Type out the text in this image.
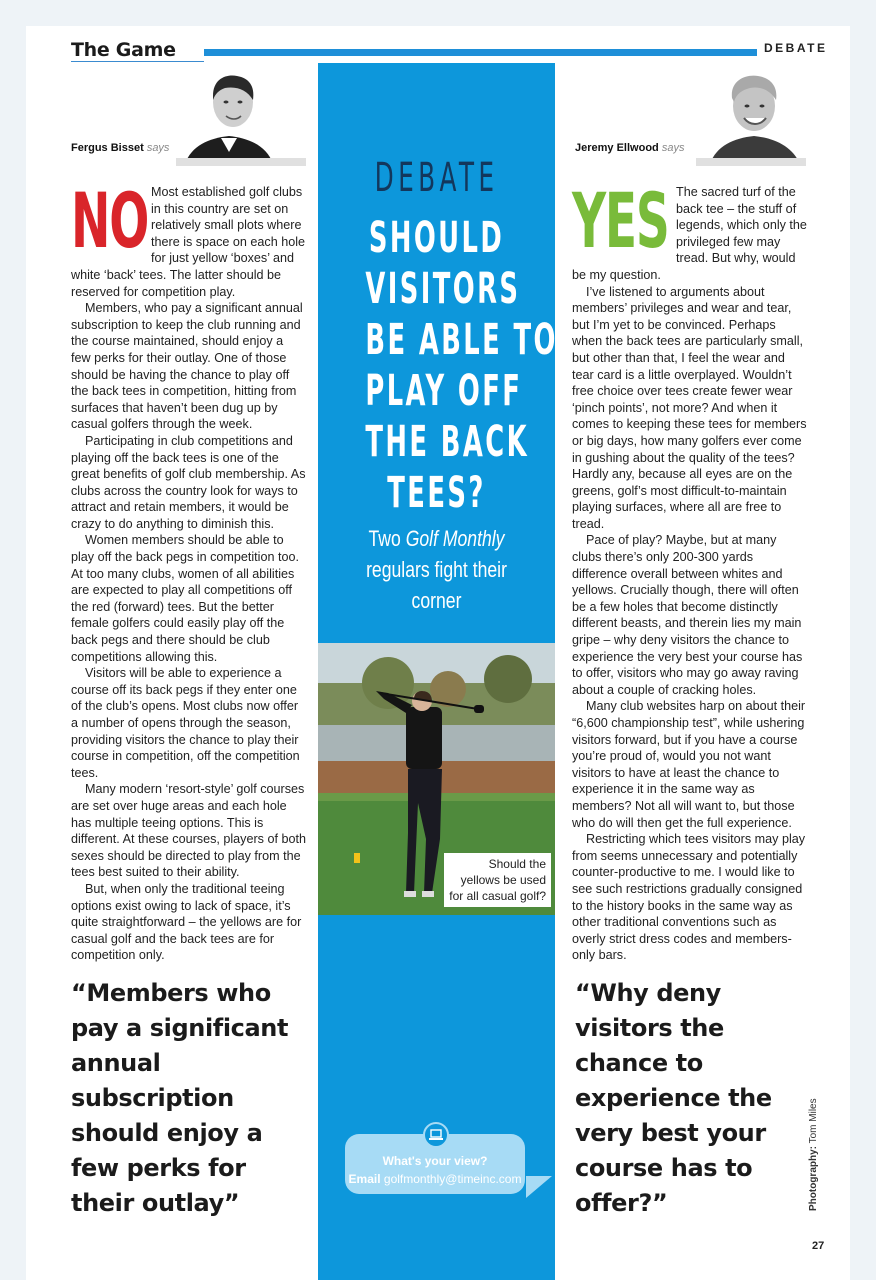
The Game	DEBATE
Fergus Bisset says
NO Most established golf clubs in this country are set on relatively small plots where there is space on each hole for just yellow ‘boxes’ and white ‘back’ tees. The latter should be reserved for competition play.

Members, who pay a significant annual subscription to keep the club running and the course maintained, should enjoy a few perks for their outlay. One of those should be having the chance to play off the back tees in competition, hitting from surfaces that haven’t been dug up by casual golfers through the week.

Participating in club competitions and playing off the back tees is one of the great benefits of golf club membership. As clubs across the country look for ways to attract and retain members, it would be crazy to do anything to diminish this.

Women members should be able to play off the back pegs in competition too. At too many clubs, women of all abilities are expected to play all competitions off the red (forward) tees. But the better female golfers could easily play off the back pegs and there should be club competitions allowing this.

Visitors will be able to experience a course off its back pegs if they enter one of the club’s opens. Most clubs now offer a number of opens through the season, providing visitors the chance to play their course in competition, off the competition tees.

Many modern ‘resort-style’ golf courses are set over huge areas and each hole has multiple teeing options. This is different. At these courses, players of both sexes should be directed to play from the tees best suited to their ability.

But, when only the traditional teeing options exist owing to lack of space, it’s quite straightforward – the yellows are for casual golf and the back tees are for competition only.

“Members who pay a significant annual subscription should enjoy a few perks for their outlay”
DEBATE
SHOULD
VISITORS
BE ABLE TO
PLAY OFF
THE BACK
TEES?
Two Golf Monthly
regulars fight their corner
Should the
yellows be used
for all casual golf?
What's your view?
Email golfmonthly@timeinc.com
Jeremy Ellwood says
YES The sacred turf of the back tee – the stuff of legends, which only the privileged few may tread. But why, would be my question.

I’ve listened to arguments about members’ privileges and wear and tear, but I’m yet to be convinced. Perhaps when the back tees are particularly small, but other than that, I feel the wear and tear card is a little overplayed. Wouldn’t free choice over tees create fewer wear ‘pinch points’, not more? And when it comes to keeping these tees for members or big days, how many golfers ever come in gushing about the quality of the tees? Hardly any, because all eyes are on the greens, golf’s most difficult-to-maintain playing surfaces, where all are free to tread.

Pace of play? Maybe, but at many clubs there’s only 200-300 yards difference overall between whites and yellows. Crucially though, there will often be a few holes that become distinctly different beasts, and therein lies my main gripe – why deny visitors the chance to experience the very best your course has to offer, visitors who may go away raving about a couple of cracking holes.

Many club websites harp on about their “6,600 championship test”, while ushering visitors forward, but if you have a course you’re proud of, would you not want visitors to have at least the chance to experience it in the same way as members? Not all will want to, but those who do will then get the full experience.

Restricting which tees visitors may play from seems unnecessary and potentially counter-productive to me. I would like to see such restrictions gradually consigned to the history books in the same way as other traditional conventions such as overly strict dress codes and members-only bars.

“Why deny visitors the chance to experience the very best your course has to offer?”	Photography: Tom Miles
27
